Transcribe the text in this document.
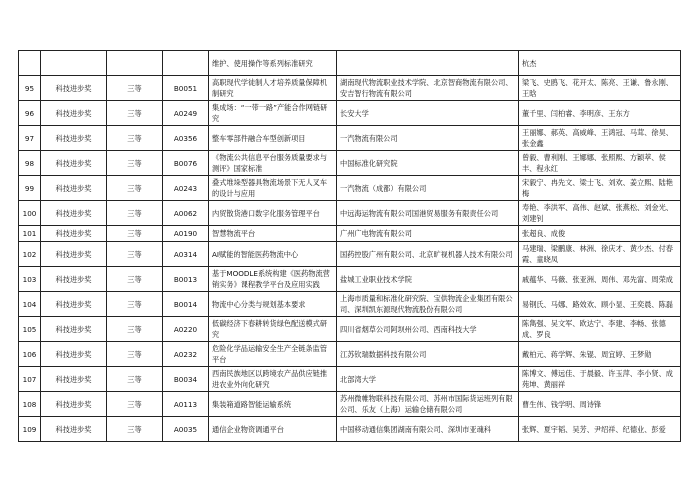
				维护、使用操作等系列标准研究		杭杰
95	科技进步奖	三等	B0051	高职现代学徒制人才培养质量保障机制研究	湖南现代物流职业技术学院、北京智商物流有限公司、安吉智行物流有限公司	梁飞、史鸥飞、花开太、陈亮、王谦、鲁永刚、王晗
96	科技进步奖	三等	A0249	集成场：“一带一路”产能合作网链研究	长安大学	董千里、闫柏睿、李明彦、王东方
97	科技进步奖	三等	A0356	整车零部件融合车型创新项目	一汽物流有限公司	王丽娜、郝英、高威峰、王鸿冠、马茸、徐昊、张金鑫
98	科技进步奖	三等	B0076	《物流公共信息平台服务质量要求与测评》国家标准	中国标准化研究院	曾毅、曹利刚、王娜娜、张照熙、方颖萃、侯丰、程永红
99	科技进步奖	三等	A0243	叠式堆垛型器具物流场景下无人叉车的设计与应用	一汽物流（成都）有限公司	宋毅宁、冉先文、梁士飞、刘欢、姜立熙、陆艳梅
100	科技进步奖	三等	A0062	内贸散货港口数字化服务管理平台	中远海运物流有限公司国港贸易服务有限责任公司	寿艳、李洪军、高伟、赵斌、张燕松、刘金光、刘建钊
101	科技进步奖	三等	A0190	智慧物流平台	广州广电物流有限公司	张超良、成俊
102	科技进步奖	三等	A0314	AI赋能的智能医药物流中心	国药控股广州有限公司、北京旷视机器人技术有限公司	马建瑞、梁鹏康、林洲、徐庆才、黄少杰、付春霞、童晓凤
103	科技进步奖	三等	B0013	基于MOODLE系统构建《医药物流营销实务》课程教学平台及应用实践	盐城工业职业技术学院	戚蕴华、马薇、张亚洲、周伟、邓先富、周荣成
104	科技进步奖	三等	B0014	物流中心分类与规划基本要求	上海市质量和标准化研究院、宝供物流企业集团有限公司、深圳凯东源现代物流股份有限公司	易钢氏、马娜、路效欢、顾小显、王奕晨、陈磊
105	科技进步奖	三等	A0220	低碳经济下春耕转货绿色配送模式研究	四川省烟草公司阿坝州公司、西南科技大学	陈雋强、吴文军、欧达宁、李建、李畅、张德成、罗良
106	科技进步奖	三等	A0232	危险化学品运输安全生产全链条监管平台	江苏钦瑞数据科技有限公司	戴柏元、蒋学辉、朱锟、周宜婷、王梦勋
107	科技进步奖	三等	B0034	西南民族地区以跨境农产品供应链推进农业外向化研究	北部湾大学	陈博文、傅远佳、于晨毅、许玉萍、李小贤、成苑坤、黄丽祥
108	科技进步奖	三等	A0113	集装箱道路智能运输系统	苏州微帷物联科技有限公司、苏州市国际货运班列有限公司、乐友（上海）运输仓储有限公司	曹生伟、钱学明、周诗锋
109	科技进步奖	三等	A0035	通信企业物资调通平台	中国移动通信集团湖南有限公司、深圳市亚魂科	张辉、夏宇韬、吴芳、尹绍祥、纪德业、彭爱
